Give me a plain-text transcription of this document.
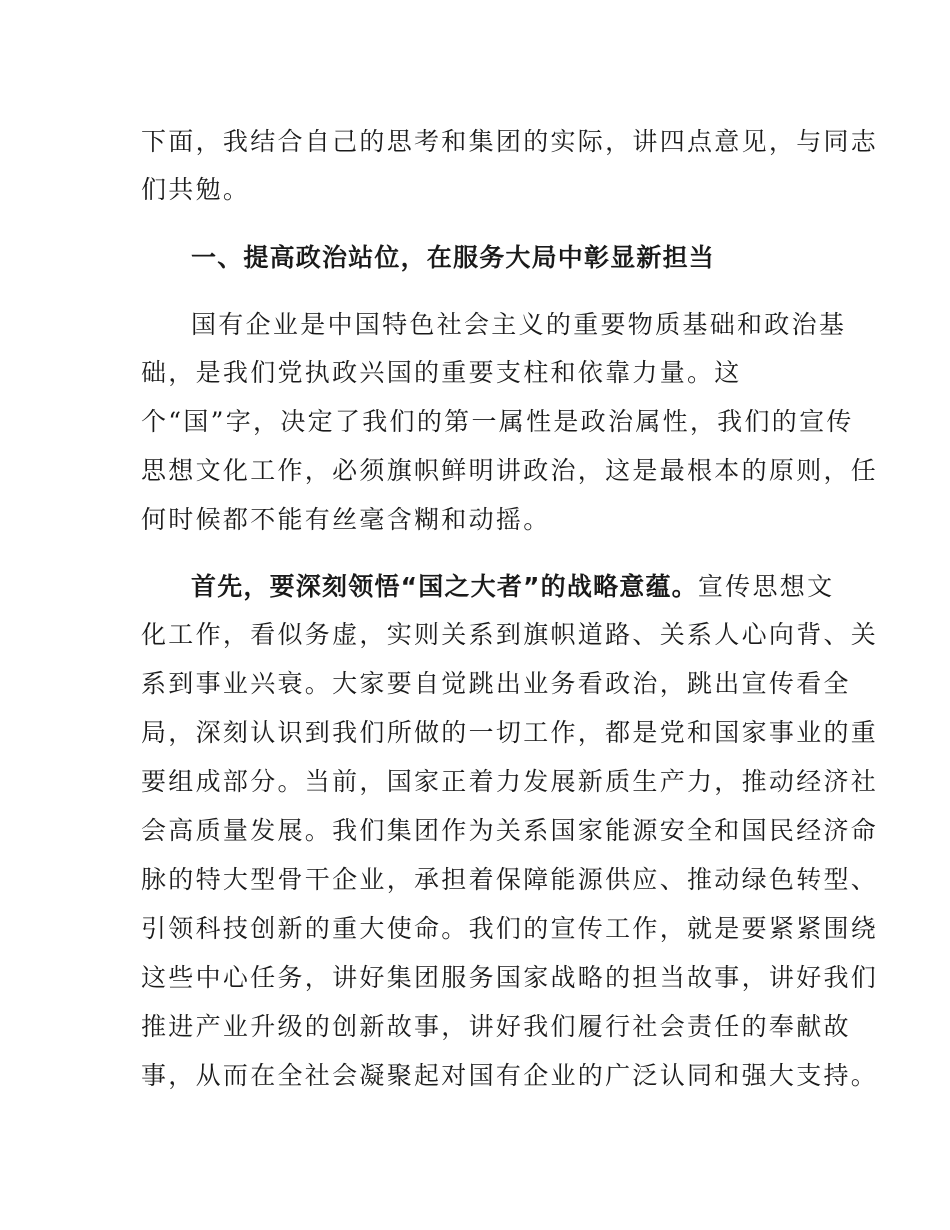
下面，我结合自己的思考和集团的实际，讲四点意见，与同志
们共勉。
一、提高政治站位，在服务大局中彰显新担当
国有企业是中国特色社会主义的重要物质基础和政治基
础，是我们党执政兴国的重要支柱和依靠力量。这
个“国”字，决定了我们的第一属性是政治属性，我们的宣传
思想文化工作，必须旗帜鲜明讲政治，这是最根本的原则，任
何时候都不能有丝毫含糊和动摇。
首先，要深刻领悟“国之大者”的战略意蕴。宣传思想文
化工作，看似务虚，实则关系到旗帜道路、关系人心向背、关
系到事业兴衰。大家要自觉跳出业务看政治，跳出宣传看全
局，深刻认识到我们所做的一切工作，都是党和国家事业的重
要组成部分。当前，国家正着力发展新质生产力，推动经济社
会高质量发展。我们集团作为关系国家能源安全和国民经济命
脉的特大型骨干企业，承担着保障能源供应、推动绿色转型、
引领科技创新的重大使命。我们的宣传工作，就是要紧紧围绕
这些中心任务，讲好集团服务国家战略的担当故事，讲好我们
推进产业升级的创新故事，讲好我们履行社会责任的奉献故
事，从而在全社会凝聚起对国有企业的广泛认同和强大支持。
